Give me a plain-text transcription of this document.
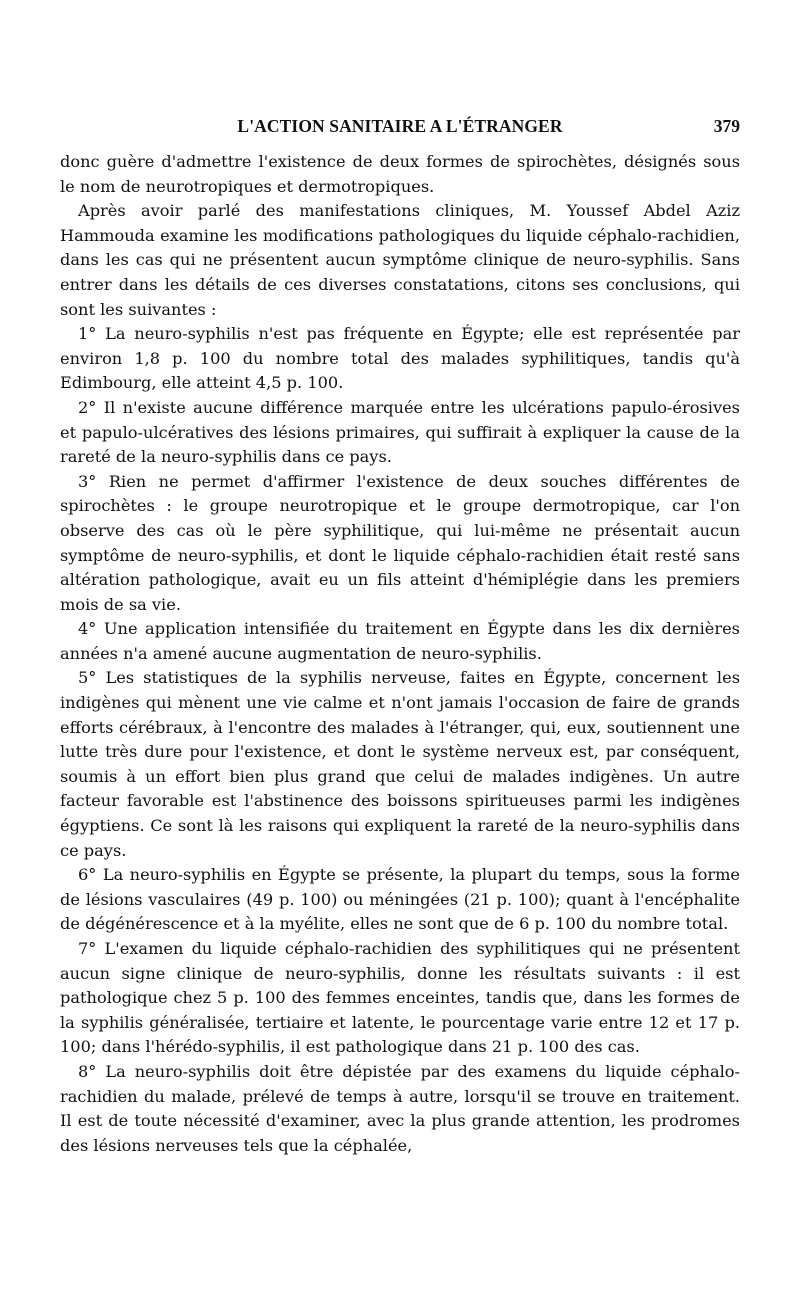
L'ACTION SANITAIRE A L'ÉTRANGER	379

donc guère d'admettre l'existence de deux formes de spirochètes, désignés sous le nom de neurotropiques et dermotropiques.

Après avoir parlé des manifestations cliniques, M. Youssef Abdel Aziz Hammouda examine les modifications pathologiques du liquide céphalo-rachidien, dans les cas qui ne présentent aucun symptôme clinique de neuro-syphilis. Sans entrer dans les détails de ces diverses constatations, citons ses conclusions, qui sont les suivantes :

1° La neuro-syphilis n'est pas fréquente en Égypte; elle est représentée par environ 1,8 p. 100 du nombre total des malades syphilitiques, tandis qu'à Edimbourg, elle atteint 4,5 p. 100.

2° Il n'existe aucune différence marquée entre les ulcérations papulo-érosives et papulo-ulcératives des lésions primaires, qui suffirait à expliquer la cause de la rareté de la neuro-syphilis dans ce pays.

3° Rien ne permet d'affirmer l'existence de deux souches différentes de spirochètes : le groupe neurotropique et le groupe dermotropique, car l'on observe des cas où le père syphilitique, qui lui-même ne présentait aucun symptôme de neuro-syphilis, et dont le liquide céphalo-rachidien était resté sans altération pathologique, avait eu un fils atteint d'hémiplégie dans les premiers mois de sa vie.

4° Une application intensifiée du traitement en Égypte dans les dix dernières années n'a amené aucune augmentation de neuro-syphilis.

5° Les statistiques de la syphilis nerveuse, faites en Égypte, concernent les indigènes qui mènent une vie calme et n'ont jamais l'occasion de faire de grands efforts cérébraux, à l'encontre des malades à l'étranger, qui, eux, soutiennent une lutte très dure pour l'existence, et dont le système nerveux est, par conséquent, soumis à un effort bien plus grand que celui de malades indigènes. Un autre facteur favorable est l'abstinence des boissons spiritueuses parmi les indigènes égyptiens. Ce sont là les raisons qui expliquent la rareté de la neuro-syphilis dans ce pays.

6° La neuro-syphilis en Égypte se présente, la plupart du temps, sous la forme de lésions vasculaires (49 p. 100) ou méningées (21 p. 100); quant à l'encéphalite de dégénérescence et à la myélite, elles ne sont que de 6 p. 100 du nombre total.

7° L'examen du liquide céphalo-rachidien des syphilitiques qui ne présentent aucun signe clinique de neuro-syphilis, donne les résultats suivants : il est pathologique chez 5 p. 100 des femmes enceintes, tandis que, dans les formes de la syphilis généralisée, tertiaire et latente, le pourcentage varie entre 12 et 17 p. 100; dans l'hérédo-syphilis, il est pathologique dans 21 p. 100 des cas.

8° La neuro-syphilis doit être dépistée par des examens du liquide céphalo-rachidien du malade, prélevé de temps à autre, lorsqu'il se trouve en traitement. Il est de toute nécessité d'examiner, avec la plus grande attention, les prodromes des lésions nerveuses tels que la céphalée,
